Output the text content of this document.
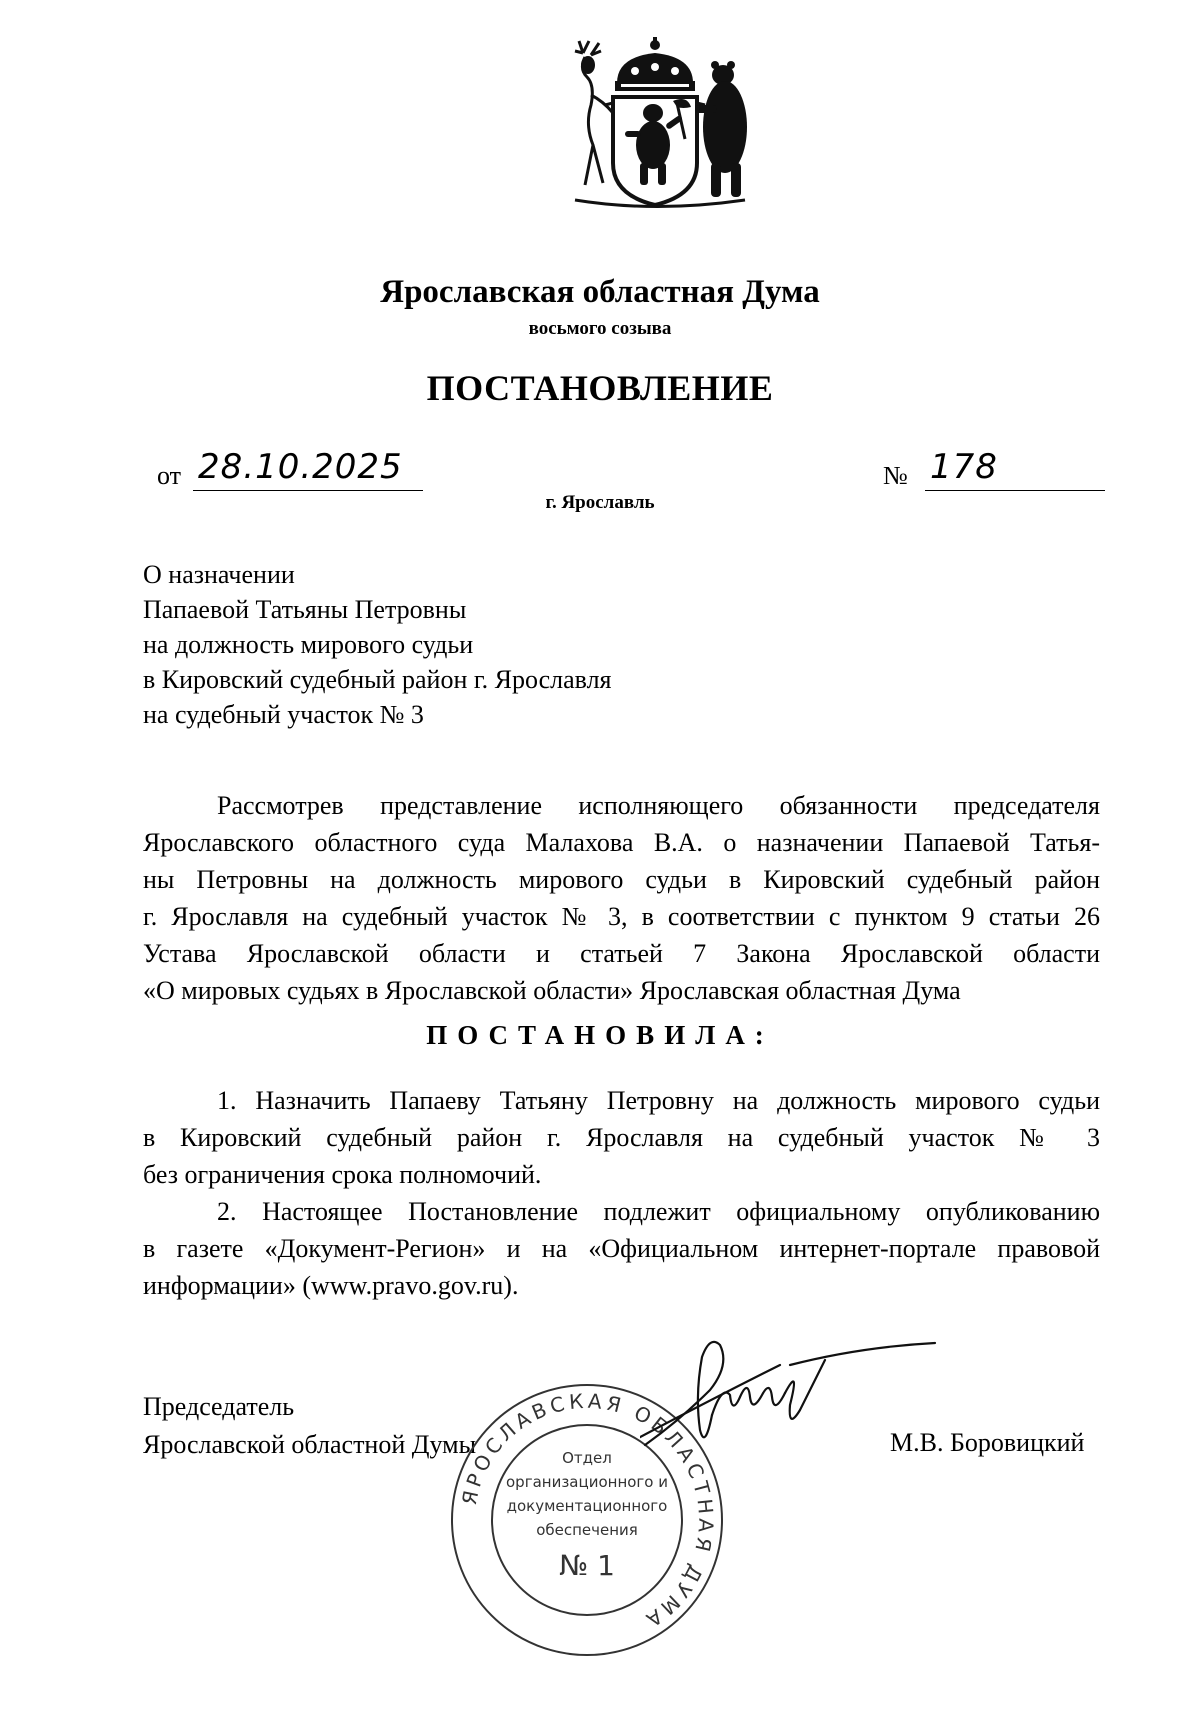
Ярославская областная Дума
восьмого созыва
ПОСТАНОВЛЕНИЕ
от 28.10.2025	№ 178
г. Ярославль
О назначении
Папаевой Татьяны Петровны
на должность мирового судьи
в Кировский судебный район г. Ярославля
на судебный участок № 3
Рассмотрев представление исполняющего обязанности председателя
Ярославского областного суда Малахова В.А. о назначении Папаевой Татья-
ны Петровны на должность мирового судьи в Кировский судебный район
г. Ярославля на судебный участок № 3, в соответствии с пунктом 9 статьи 26
Устава Ярославской области и статьей 7 Закона Ярославской области
«О мировых судьях в Ярославской области» Ярославская областная Дума
ПОСТАНОВИЛА:
1. Назначить Папаеву Татьяну Петровну на должность мирового судьи
в Кировский судебный район г. Ярославля на судебный участок № 3
без ограничения срока полномочий.
2. Настоящее Постановление подлежит официальному опубликованию
в газете «Документ-Регион» и на «Официальном интернет-портале правовой
информации» (www.pravo.gov.ru).
Председатель
Ярославской областной Думы	М.В. Боровицкий
ЯРОСЛАВСКАЯ ОБЛАСТНАЯ ДУМА
Отдел
организационного и
документационного
обеспечения
№ 1
